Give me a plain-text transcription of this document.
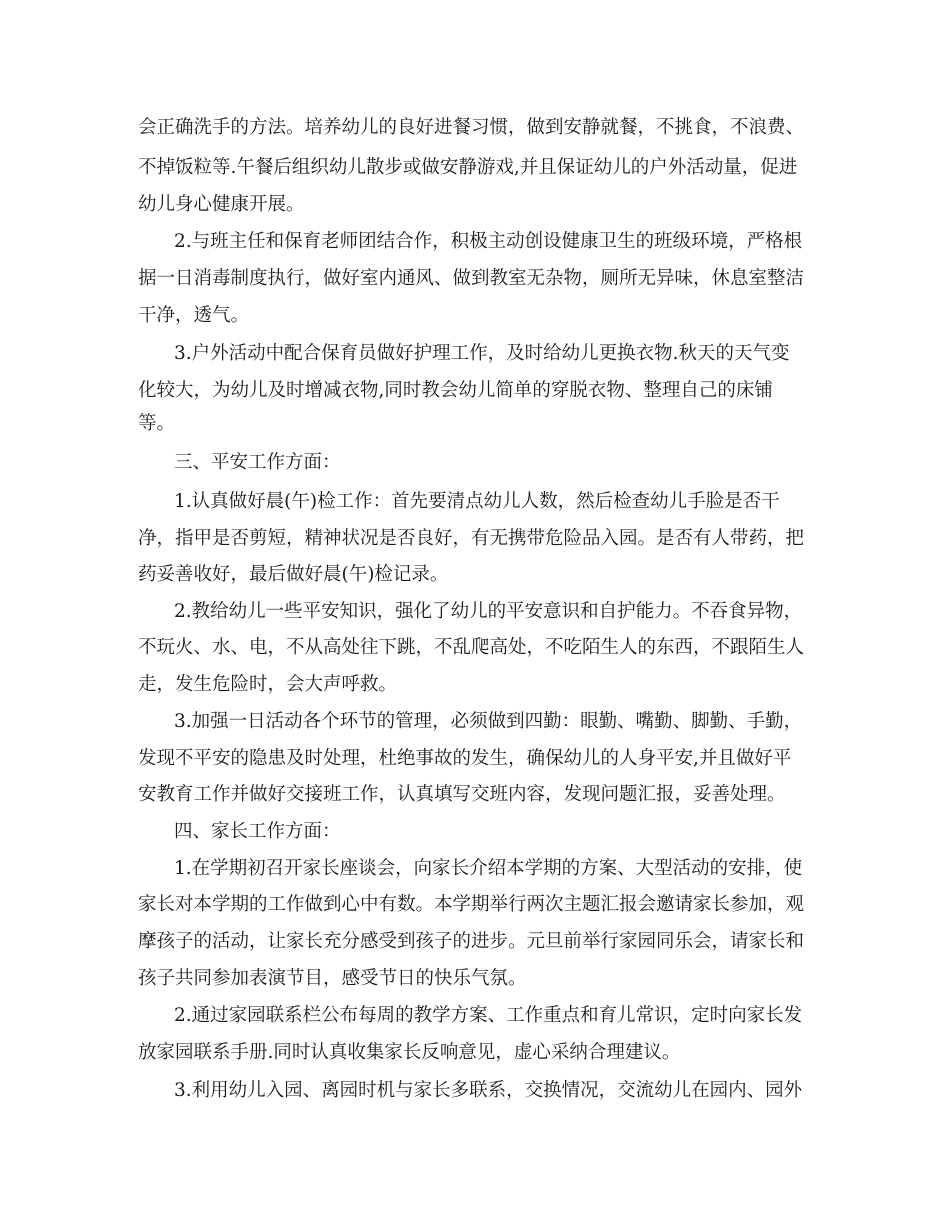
会正确洗手的方法。培养幼儿的良好进餐习惯，做到安静就餐，不挑食，不浪费、
不掉饭粒等.午餐后组织幼儿散步或做安静游戏,并且保证幼儿的户外活动量，促进
幼儿身心健康开展。
2.与班主任和保育老师团结合作，积极主动创设健康卫生的班级环境，严格根
据一日消毒制度执行，做好室内通风、做到教室无杂物，厕所无异味，休息室整洁
干净，透气。
3.户外活动中配合保育员做好护理工作，及时给幼儿更换衣物.秋天的天气变
化较大，为幼儿及时增减衣物,同时教会幼儿简单的穿脱衣物、整理自己的床铺
等。
三、平安工作方面：
1.认真做好晨(午)检工作：首先要清点幼儿人数，然后检查幼儿手脸是否干
净，指甲是否剪短，精神状况是否良好，有无携带危险品入园。是否有人带药，把
药妥善收好，最后做好晨(午)检记录。
2.教给幼儿一些平安知识，强化了幼儿的平安意识和自护能力。不吞食异物，
不玩火、水、电，不从高处往下跳，不乱爬高处，不吃陌生人的东西，不跟陌生人
走，发生危险时，会大声呼救。
3.加强一日活动各个环节的管理，必须做到四勤：眼勤、嘴勤、脚勤、手勤，
发现不平安的隐患及时处理，杜绝事故的发生，确保幼儿的人身平安,并且做好平
安教育工作并做好交接班工作，认真填写交班内容，发现问题汇报，妥善处理。
四、家长工作方面：
1.在学期初召开家长座谈会，向家长介绍本学期的方案、大型活动的安排，使
家长对本学期的工作做到心中有数。本学期举行两次主题汇报会邀请家长参加，观
摩孩子的活动，让家长充分感受到孩子的进步。元旦前举行家园同乐会，请家长和
孩子共同参加表演节目，感受节日的快乐气氛。
2.通过家园联系栏公布每周的教学方案、工作重点和育儿常识，定时向家长发
放家园联系手册.同时认真收集家长反响意见，虚心采纳合理建议。
3.利用幼儿入园、离园时机与家长多联系，交换情况，交流幼儿在园内、园外
